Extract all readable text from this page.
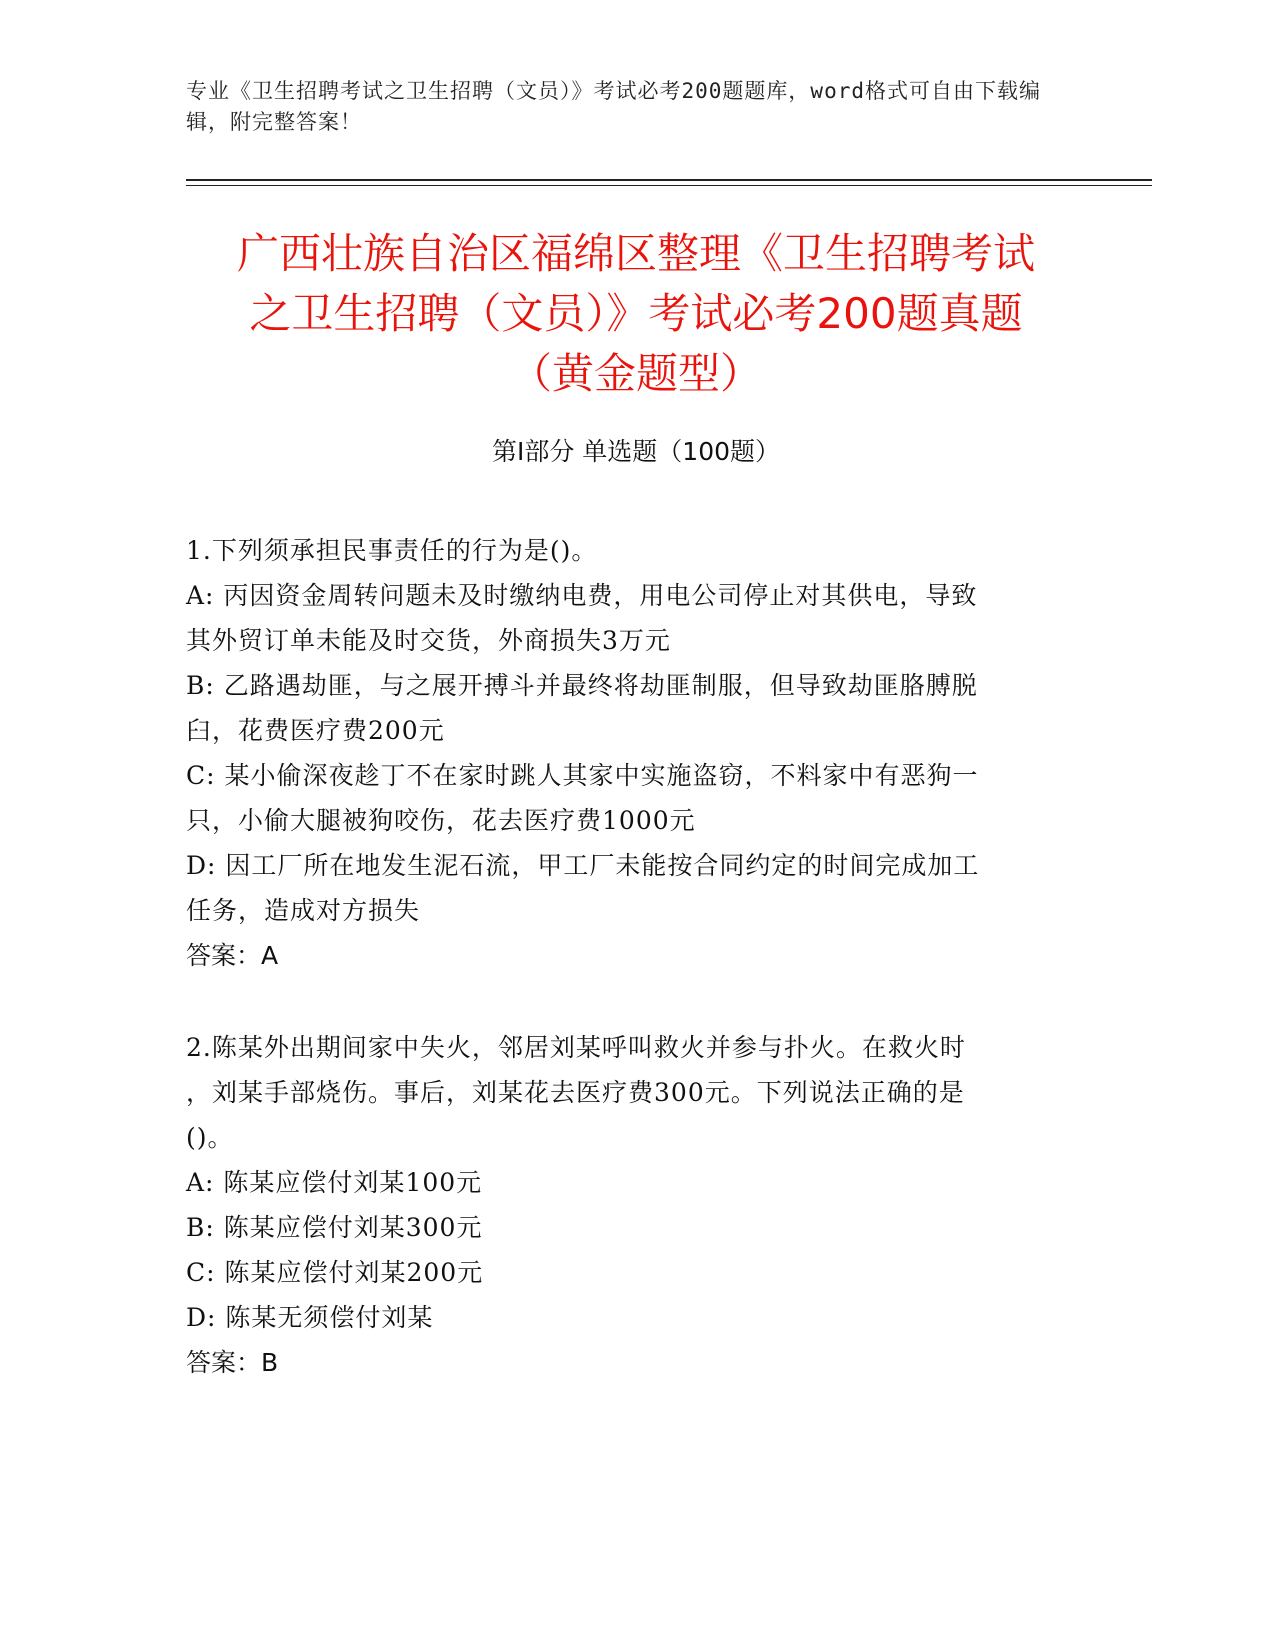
专业《卫生招聘考试之卫生招聘（文员）》考试必考200题题库，word格式可自由下载编辑，附完整答案！
广西壮族自治区福绵区整理《卫生招聘考试
之卫生招聘（文员）》考试必考200题真题
（黄金题型）
第I部分 单选题（100题）
1.下列须承担民事责任的行为是()。
A: 丙因资金周转问题未及时缴纳电费，用电公司停止对其供电，导致
其外贸订单未能及时交货，外商损失3万元
B: 乙路遇劫匪，与之展开搏斗并最终将劫匪制服，但导致劫匪胳膊脱
臼，花费医疗费200元
C: 某小偷深夜趁丁不在家时跳人其家中实施盗窃，不料家中有恶狗一
只，小偷大腿被狗咬伤，花去医疗费1000元
D: 因工厂所在地发生泥石流，甲工厂未能按合同约定的时间完成加工
任务，造成对方损失
答案：A
2.陈某外出期间家中失火，邻居刘某呼叫救火并参与扑火。在救火时
，刘某手部烧伤。事后，刘某花去医疗费300元。下列说法正确的是
()。
A: 陈某应偿付刘某100元
B: 陈某应偿付刘某300元
C: 陈某应偿付刘某200元
D: 陈某无须偿付刘某
答案：B
